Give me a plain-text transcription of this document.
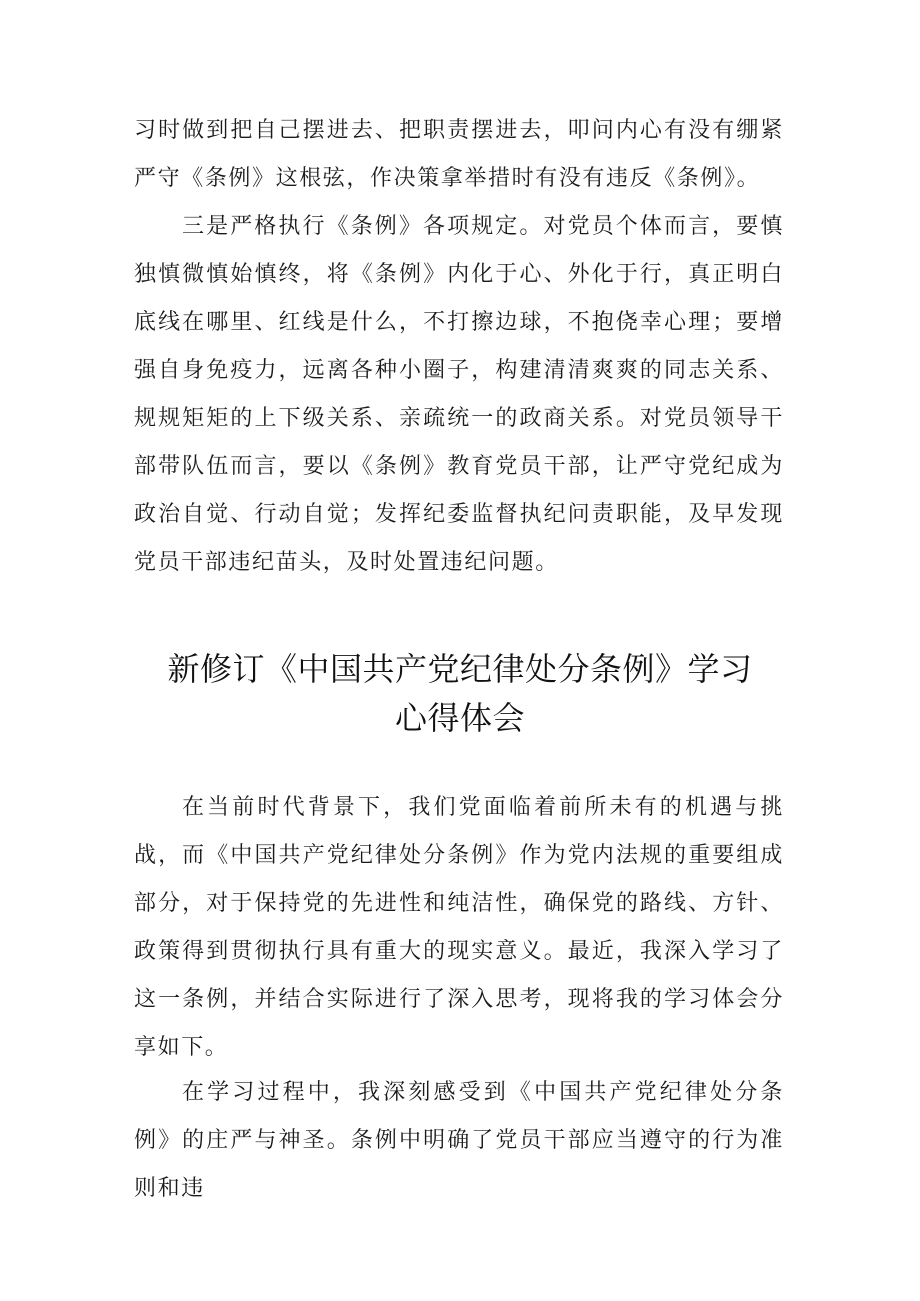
习时做到把自己摆进去、把职责摆进去，叩问内心有没有绷紧严守《条例》这根弦，作决策拿举措时有没有违反《条例》。

三是严格执行《条例》各项规定。对党员个体而言，要慎独慎微慎始慎终，将《条例》内化于心、外化于行，真正明白底线在哪里、红线是什么，不打擦边球，不抱侥幸心理；要增强自身免疫力，远离各种小圈子，构建清清爽爽的同志关系、规规矩矩的上下级关系、亲疏统一的政商关系。对党员领导干部带队伍而言，要以《条例》教育党员干部，让严守党纪成为政治自觉、行动自觉；发挥纪委监督执纪问责职能，及早发现党员干部违纪苗头，及时处置违纪问题。

新修订《中国共产党纪律处分条例》学习
心得体会

在当前时代背景下，我们党面临着前所未有的机遇与挑战，而《中国共产党纪律处分条例》作为党内法规的重要组成部分，对于保持党的先进性和纯洁性，确保党的路线、方针、政策得到贯彻执行具有重大的现实意义。最近，我深入学习了这一条例，并结合实际进行了深入思考，现将我的学习体会分享如下。

在学习过程中，我深刻感受到《中国共产党纪律处分条例》的庄严与神圣。条例中明确了党员干部应当遵守的行为准则和违
